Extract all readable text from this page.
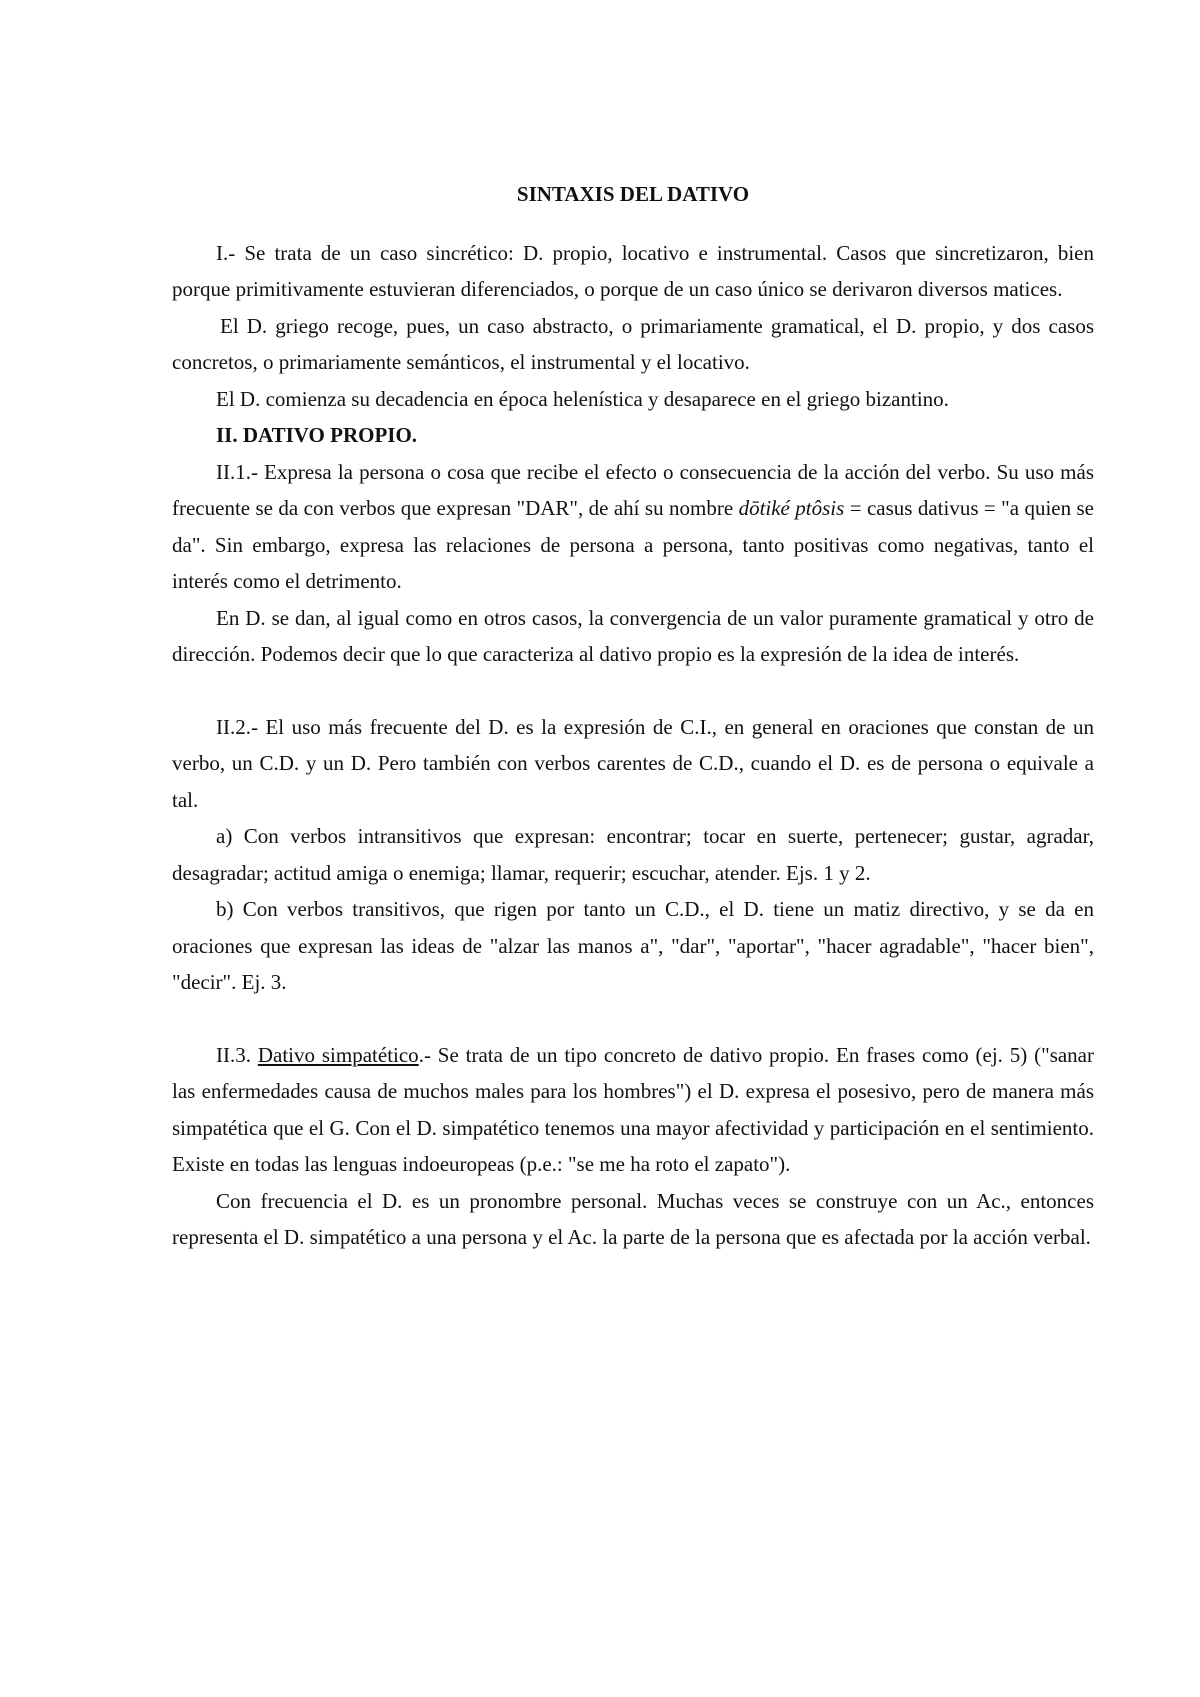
SINTAXIS DEL DATIVO

I.- Se trata de un caso sincrético: D. propio, locativo e instrumental. Casos que sincretizaron, bien porque primitivamente estuvieran diferenciados, o porque de un caso único se derivaron diversos matices.

El D. griego recoge, pues, un caso abstracto, o primariamente gramatical, el D. propio, y dos casos concretos, o primariamente semánticos, el instrumental y el locativo.

El D. comienza su decadencia en época helenística y desaparece en el griego bizantino.

II. DATIVO PROPIO.

II.1.- Expresa la persona o cosa que recibe el efecto o consecuencia de la acción del verbo. Su uso más frecuente se da con verbos que expresan "DAR", de ahí su nombre dōtiké ptôsis = casus dativus = "a quien se da". Sin embargo, expresa las relaciones de persona a persona, tanto positivas como negativas, tanto el interés como el detrimento.

En D. se dan, al igual como en otros casos, la convergencia de un valor puramente gramatical y otro de dirección. Podemos decir que lo que caracteriza al dativo propio es la expresión de la idea de interés.

II.2.- El uso más frecuente del D. es la expresión de C.I., en general en oraciones que constan de un verbo, un C.D. y un D. Pero también con verbos carentes de C.D., cuando el D. es de persona o equivale a tal.

a) Con verbos intransitivos que expresan: encontrar; tocar en suerte, pertenecer; gustar, agradar, desagradar; actitud amiga o enemiga; llamar, requerir; escuchar, atender. Ejs. 1 y 2.

b) Con verbos transitivos, que rigen por tanto un C.D., el D. tiene un matiz directivo, y se da en oraciones que expresan las ideas de "alzar las manos a", "dar", "aportar", "hacer agradable", "hacer bien", "decir". Ej. 3.

II.3. Dativo simpatético.- Se trata de un tipo concreto de dativo propio. En frases como (ej. 5) ("sanar las enfermedades causa de muchos males para los hombres") el D. expresa el posesivo, pero de manera más simpatética que el G. Con el D. simpatético tenemos una mayor afectividad y participación en el sentimiento. Existe en todas las lenguas indoeuropeas (p.e.: "se me ha roto el zapato").

Con frecuencia el D. es un pronombre personal. Muchas veces se construye con un Ac., entonces representa el D. simpatético a una persona y el Ac. la parte de la persona que es afectada por la acción verbal.
